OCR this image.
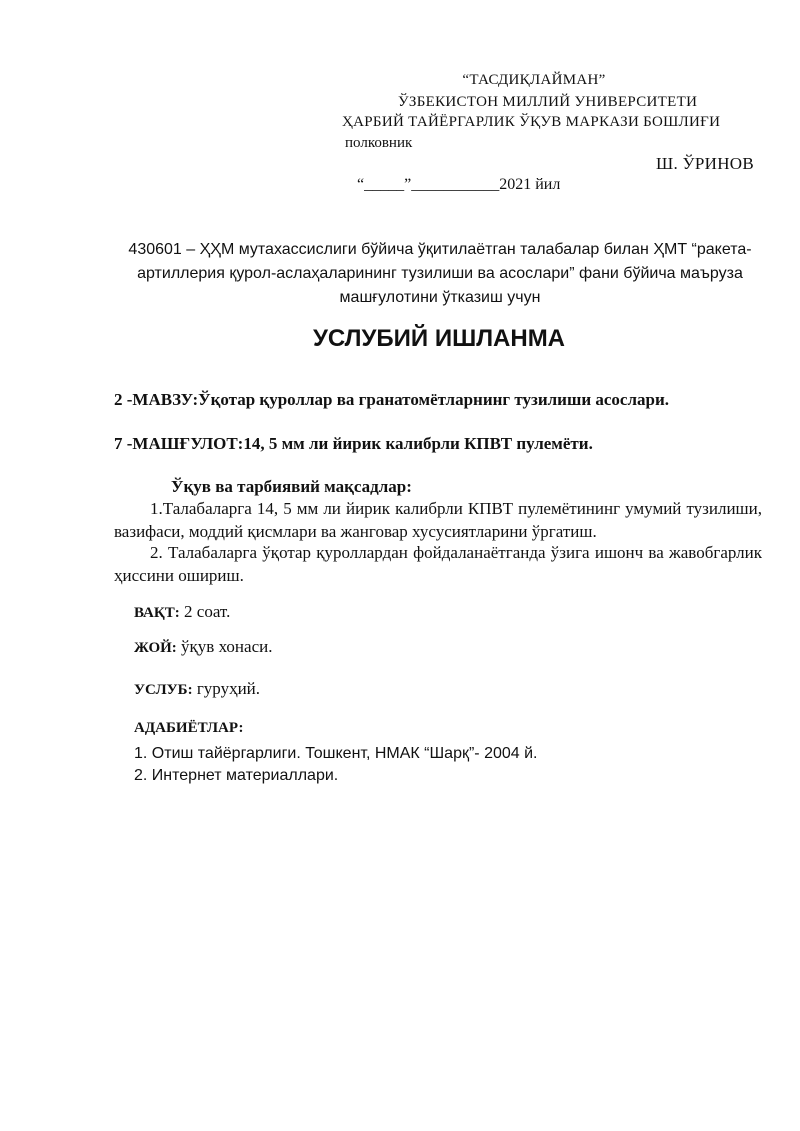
“ТАСДИҚЛАЙМАН”
ЎЗБЕКИСТОН МИЛЛИЙ УНИВЕРСИТЕТИ
ҲАРБИЙ ТАЙЁРГАРЛИК ЎҚУВ МАРКАЗИ БОШЛИҒИ
полковник
Ш. ЎРИНОВ
“_____”___________2021 йил
430601 – ҲҲМ мутахассислиги бўйича ўқитилаётган талабалар билан ҲМТ “ракета-артиллерия қурол-аслаҳаларининг тузилиши ва асослари” фани бўйича маъруза машғулотини ўтказиш учун
УСЛУБИЙ ИШЛАНМА
2 -МАВЗУ:Ўқотар қуроллар ва гранатомётларнинг тузилиши асослари.
7 -МАШҒУЛОТ:14, 5 мм ли йирик калибрли КПВТ пулемёти.
Ўқув ва тарбиявий мақсадлар:
1.Талабаларга 14, 5 мм ли йирик калибрли КПВТ пулемётининг умумий тузилиши, вазифаси, моддий қисмлари ва жанговар хусусиятларини ўргатиш.
2. Талабаларга ўқотар қуроллардан фойдаланаётганда ўзига ишонч ва жавобгарлик ҳиссини ошириш.
ВАҚТ: 2 соат.
ЖОЙ: ўқув хонаси.
УСЛУБ: гуруҳий.
АДАБИЁТЛАР:
1. Отиш тайёргарлиги. Тошкент, НМАК “Шарқ”- 2004 й.
2. Интернет материаллари.
